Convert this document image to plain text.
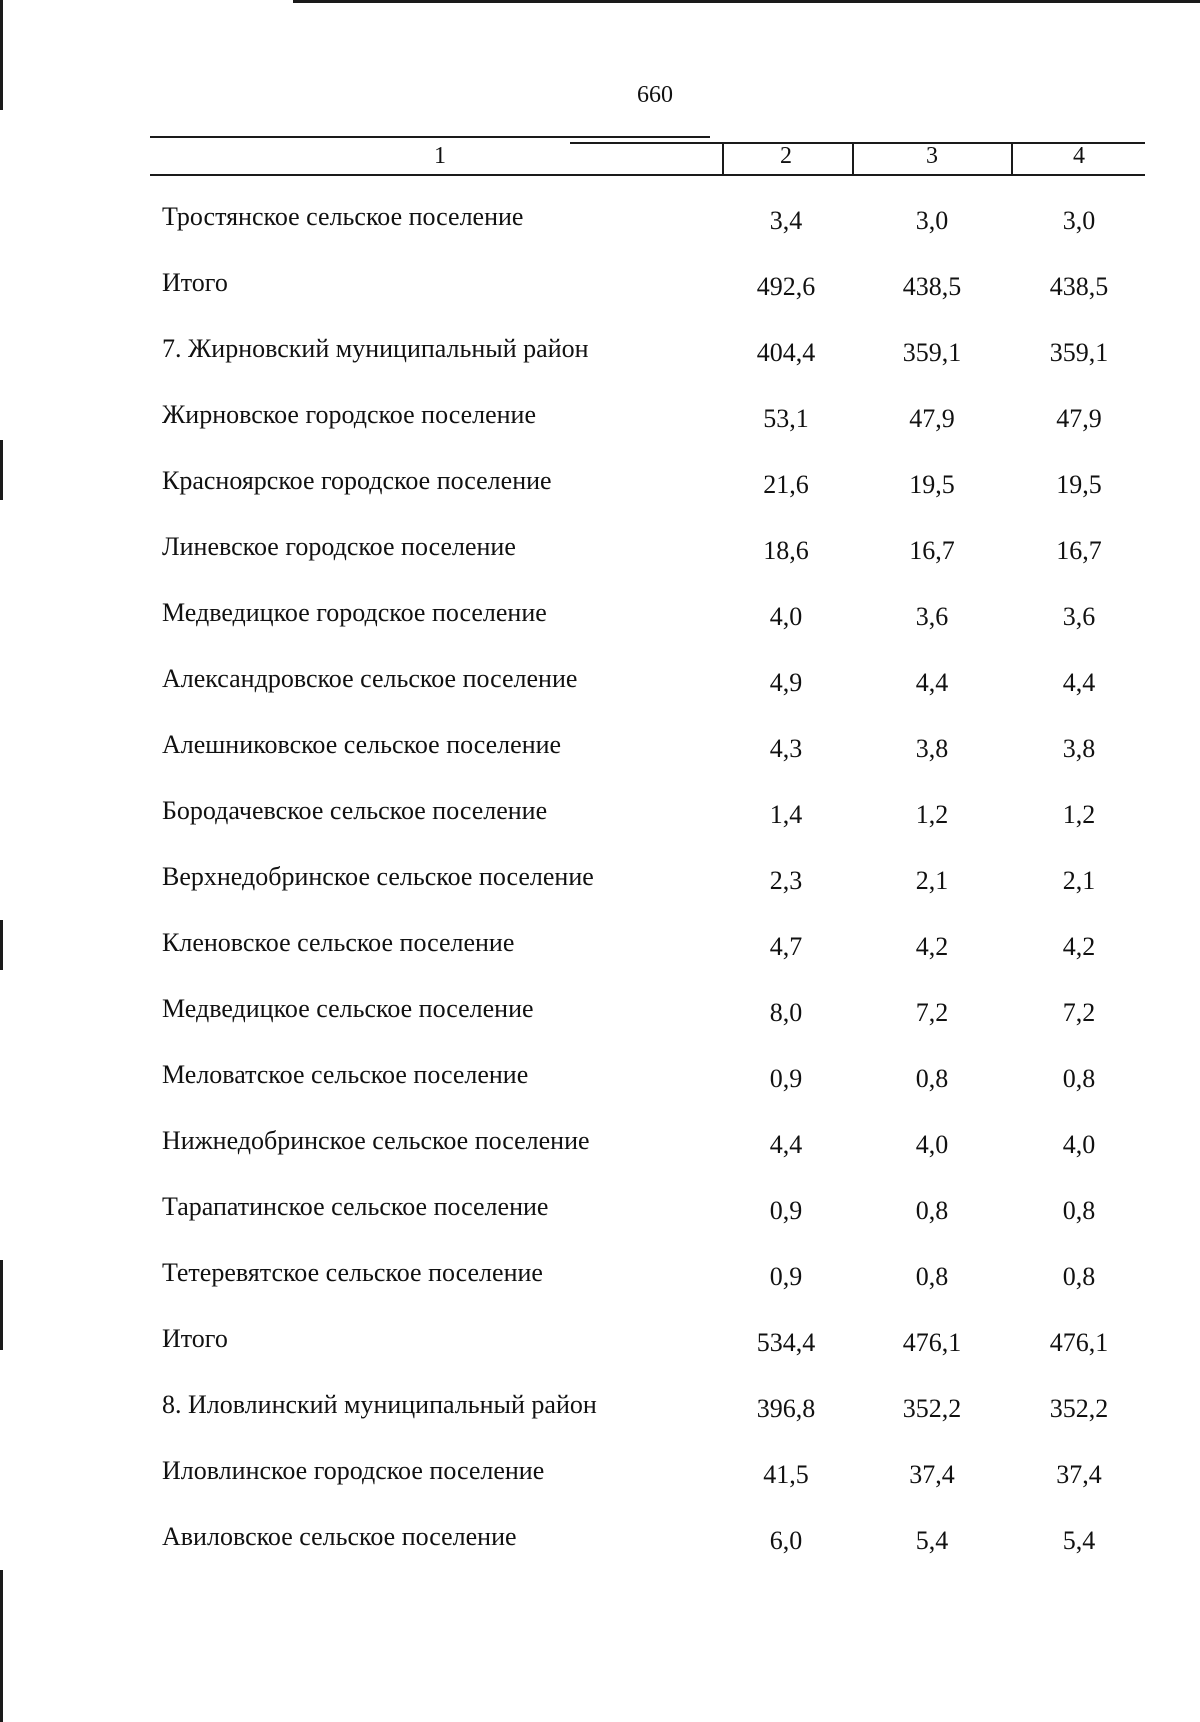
660
1	2	3	4
Тростянское сельское поселение	3,4	3,0	3,0
Итого	492,6	438,5	438,5
7. Жирновский муниципальный район	404,4	359,1	359,1
Жирновское городское поселение	53,1	47,9	47,9
Красноярское городское поселение	21,6	19,5	19,5
Линевское городское поселение	18,6	16,7	16,7
Медведицкое городское поселение	4,0	3,6	3,6
Александровское сельское поселение	4,9	4,4	4,4
Алешниковское сельское поселение	4,3	3,8	3,8
Бородачевское сельское поселение	1,4	1,2	1,2
Верхнедобринское сельское поселение	2,3	2,1	2,1
Кленовское сельское поселение	4,7	4,2	4,2
Медведицкое сельское поселение	8,0	7,2	7,2
Меловатское сельское поселение	0,9	0,8	0,8
Нижнедобринское сельское поселение	4,4	4,0	4,0
Тарапатинское сельское поселение	0,9	0,8	0,8
Тетеревятское сельское поселение	0,9	0,8	0,8
Итого	534,4	476,1	476,1
8. Иловлинский муниципальный район	396,8	352,2	352,2
Иловлинское городское поселение	41,5	37,4	37,4
Авиловское сельское поселение	6,0	5,4	5,4
